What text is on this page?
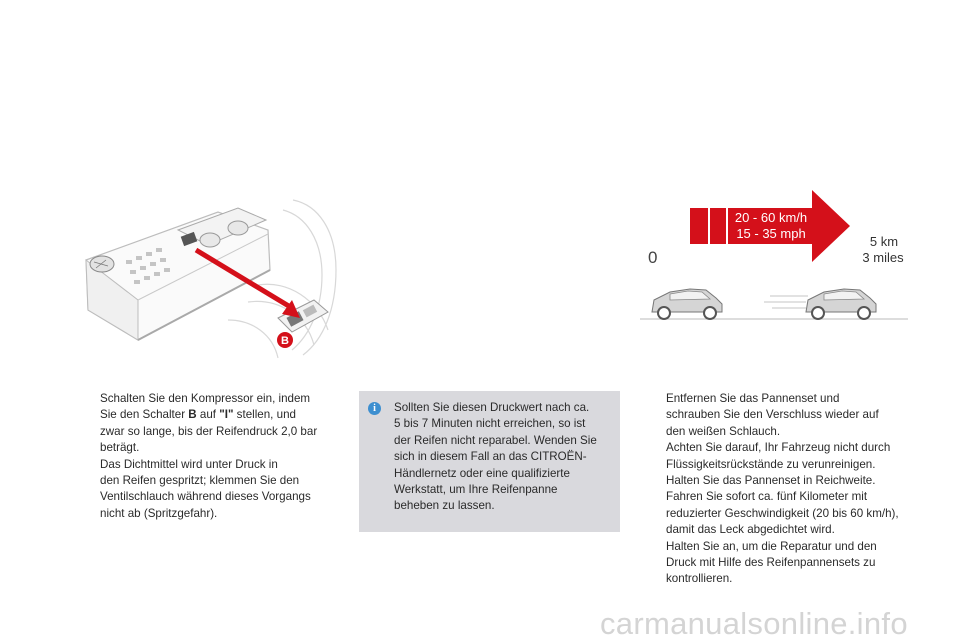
B
20 - 60 km/h
15 - 35 mph
5 km
3 miles
0
Schalten Sie den Kompressor ein, indem
Sie den Schalter B auf "I" stellen, und
zwar so lange, bis der Reifendruck 2,0 bar
beträgt.
Das Dichtmittel wird unter Druck in
den Reifen gespritzt; klemmen Sie den
Ventilschlauch während dieses Vorgangs
nicht ab (Spritzgefahr).
i	Sollten Sie diesen Druckwert nach ca.
5 bis 7 Minuten nicht erreichen, so ist
der Reifen nicht reparabel. Wenden Sie
sich in diesem Fall an das CITROËN-
Händlernetz oder eine qualifizierte
Werkstatt, um Ihre Reifenpanne
beheben zu lassen.
Entfernen Sie das Pannenset und
schrauben Sie den Verschluss wieder auf
den weißen Schlauch.
Achten Sie darauf, Ihr Fahrzeug nicht durch
Flüssigkeitsrückstände zu verunreinigen.
Halten Sie das Pannenset in Reichweite.
Fahren Sie sofort ca. fünf Kilometer mit
reduzierter Geschwindigkeit (20 bis 60 km/h),
damit das Leck abgedichtet wird.
Halten Sie an, um die Reparatur und den
Druck mit Hilfe des Reifenpannensets zu
kontrollieren.
carmanualsonline.info
